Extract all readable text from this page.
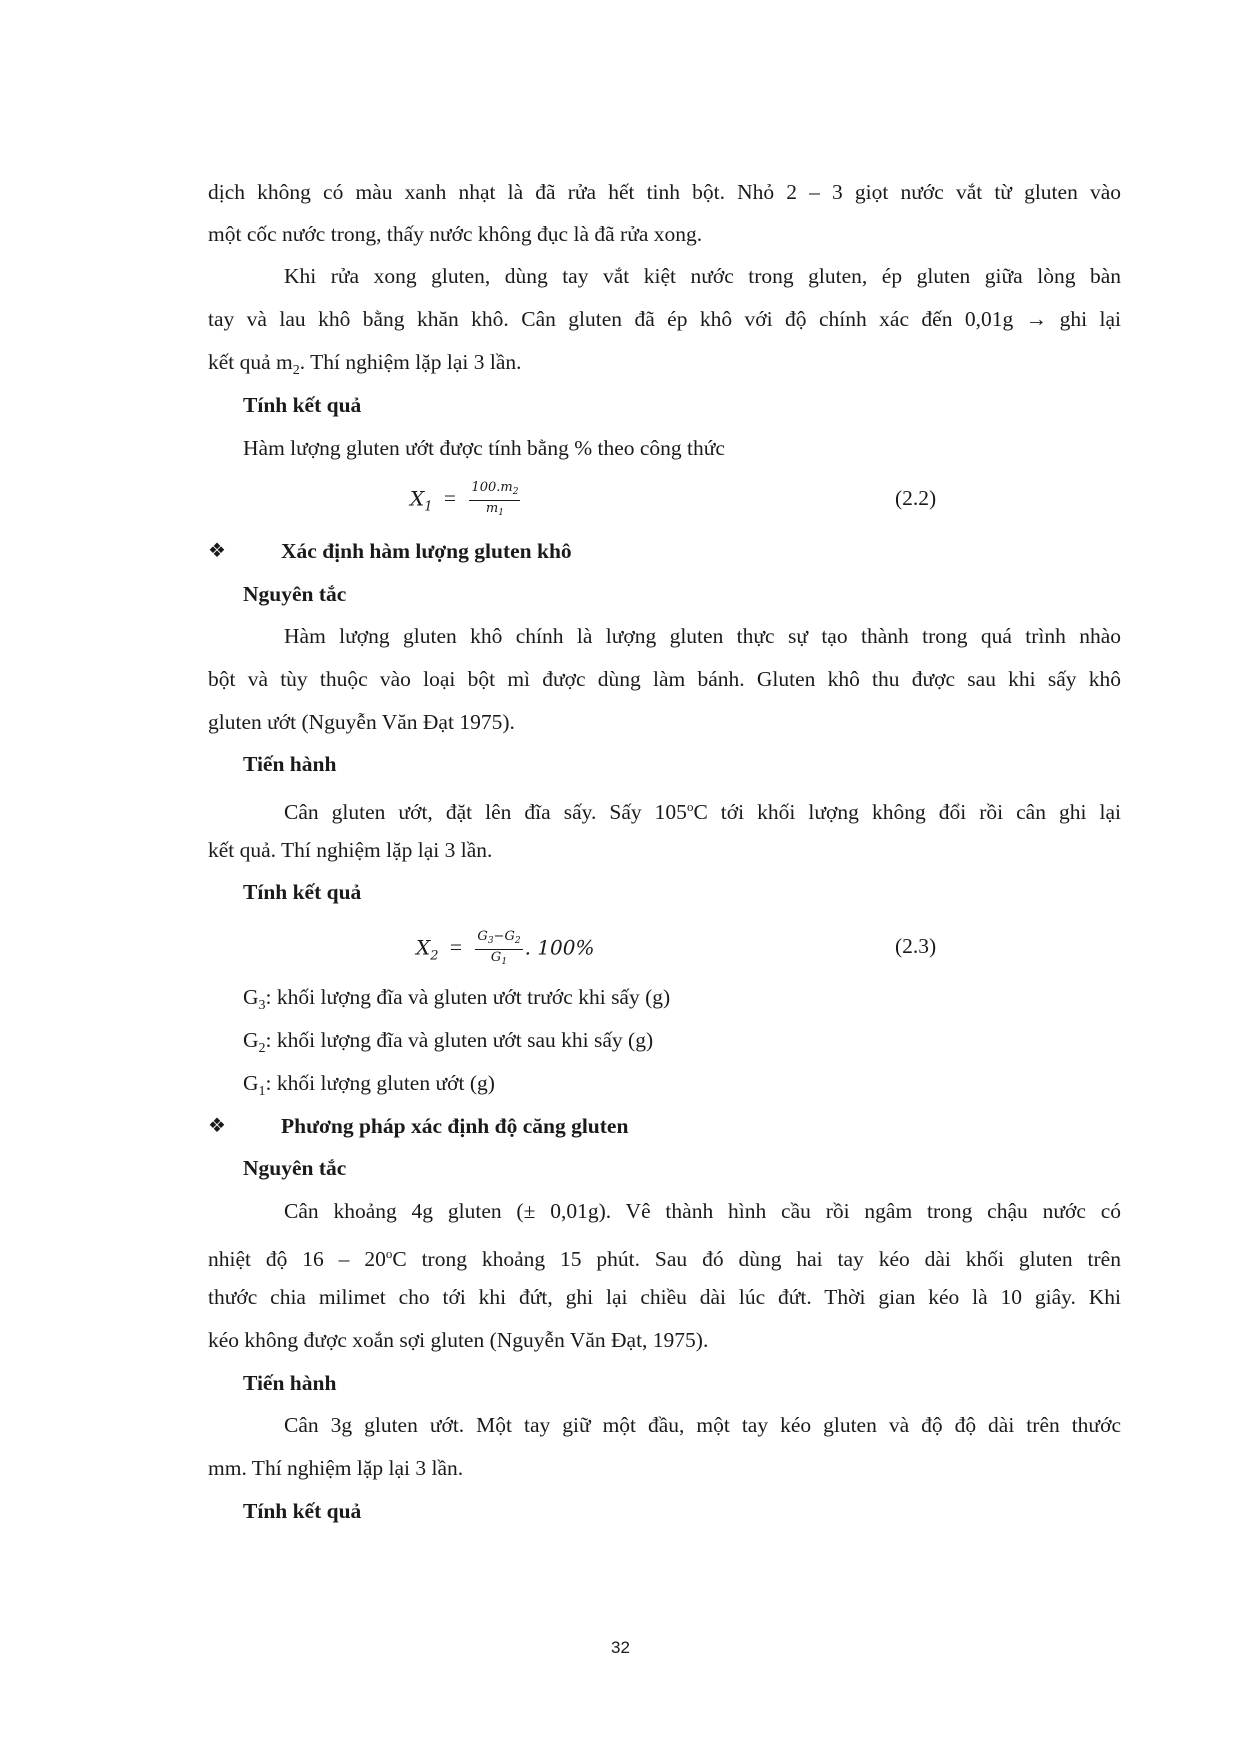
dịch không có màu xanh nhạt là đã rửa hết tinh bột. Nhỏ 2 – 3 giọt nước vắt từ gluten vào
một cốc nước trong, thấy nước không đục là đã rửa xong.
Khi rửa xong gluten, dùng tay vắt kiệt nước trong gluten, ép gluten giữa lòng bàn
tay và lau khô bằng khăn khô. Cân gluten đã ép khô với độ chính xác đến 0,01g → ghi lại
kết quả $m_2$. Thí nghiệm lặp lại 3 lần.
Tính kết quả
Hàm lượng gluten ướt được tính bằng % theo công thức
$X_1 = \frac{100.m_2}{m_1}$	(2.2)
❖	Xác định hàm lượng gluten khô
Nguyên tắc
Hàm lượng gluten khô chính là lượng gluten thực sự tạo thành trong quá trình nhào
bột và tùy thuộc vào loại bột mì được dùng làm bánh. Gluten khô thu được sau khi sấy khô
gluten ướt (Nguyễn Văn Đạt 1975).
Tiến hành
Cân gluten ướt, đặt lên đĩa sấy. Sấy 105$^o$C tới khối lượng không đổi rồi cân ghi lại
kết quả. Thí nghiệm lặp lại 3 lần.
Tính kết quả
$X_2 = \frac{G_3-G_2}{G_1}$ . 100%	(2.3)
$G_3$: khối lượng đĩa và gluten ướt trước khi sấy (g)
$G_2$: khối lượng đĩa và gluten ướt sau khi sấy (g)
$G_1$: khối lượng gluten ướt (g)
❖	Phương pháp xác định độ căng gluten
Nguyên tắc
Cân khoảng 4g gluten (± 0,01g). Vê thành hình cầu rồi ngâm trong chậu nước có
nhiệt độ 16 – 20$^o$C trong khoảng 15 phút. Sau đó dùng hai tay kéo dài khối gluten trên
thước chia milimet cho tới khi đứt, ghi lại chiều dài lúc đứt. Thời gian kéo là 10 giây. Khi
kéo không được xoắn sợi gluten (Nguyễn Văn Đạt, 1975).
Tiến hành
Cân 3g gluten ướt. Một tay giữ một đầu, một tay kéo gluten và độ độ dài trên thước
mm. Thí nghiệm lặp lại 3 lần.
Tính kết quả
32
